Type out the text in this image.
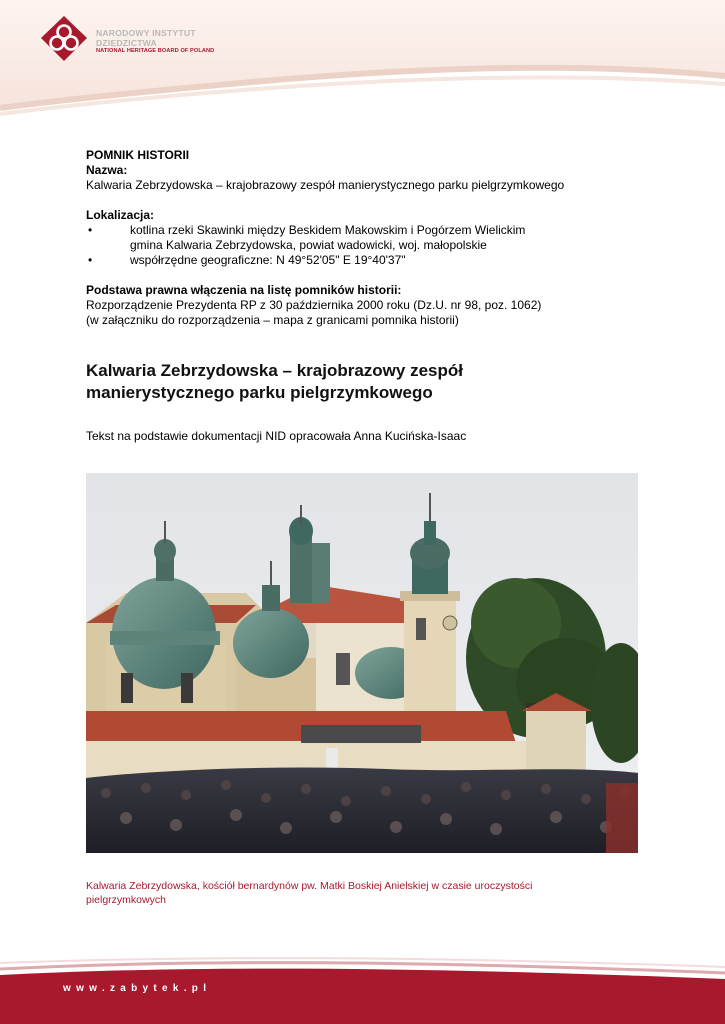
NARODOWY INSTYTUT
DZIEDZICTWA
NATIONAL HERITAGE BOARD OF POLAND
POMNIK HISTORII
Nazwa:
Kalwaria Zebrzydowska – krajobrazowy zespół manierystycznego parku pielgrzymkowego
Lokalizacja:
•	kotlina rzeki Skawinki między Beskidem Makowskim i Pogórzem Wielickim
gmina Kalwaria Zebrzydowska, powiat wadowicki, woj. małopolskie
•	współrzędne geograficzne: N 49°52'05" E 19°40'37"
Podstawa prawna włączenia na listę pomników historii:
Rozporządzenie Prezydenta RP z 30 października 2000 roku (Dz.U. nr 98, poz. 1062)
(w załączniku do rozporządzenia – mapa z granicami pomnika historii)
Kalwaria Zebrzydowska – krajobrazowy zespół
manierystycznego parku pielgrzymkowego
Tekst na podstawie dokumentacji NID opracowała Anna Kucińska-Isaac
Kalwaria Zebrzydowska, kościół bernardynów pw. Matki Boskiej Anielskiej w czasie uroczystości
pielgrzymkowych
www.zabytek.pl
